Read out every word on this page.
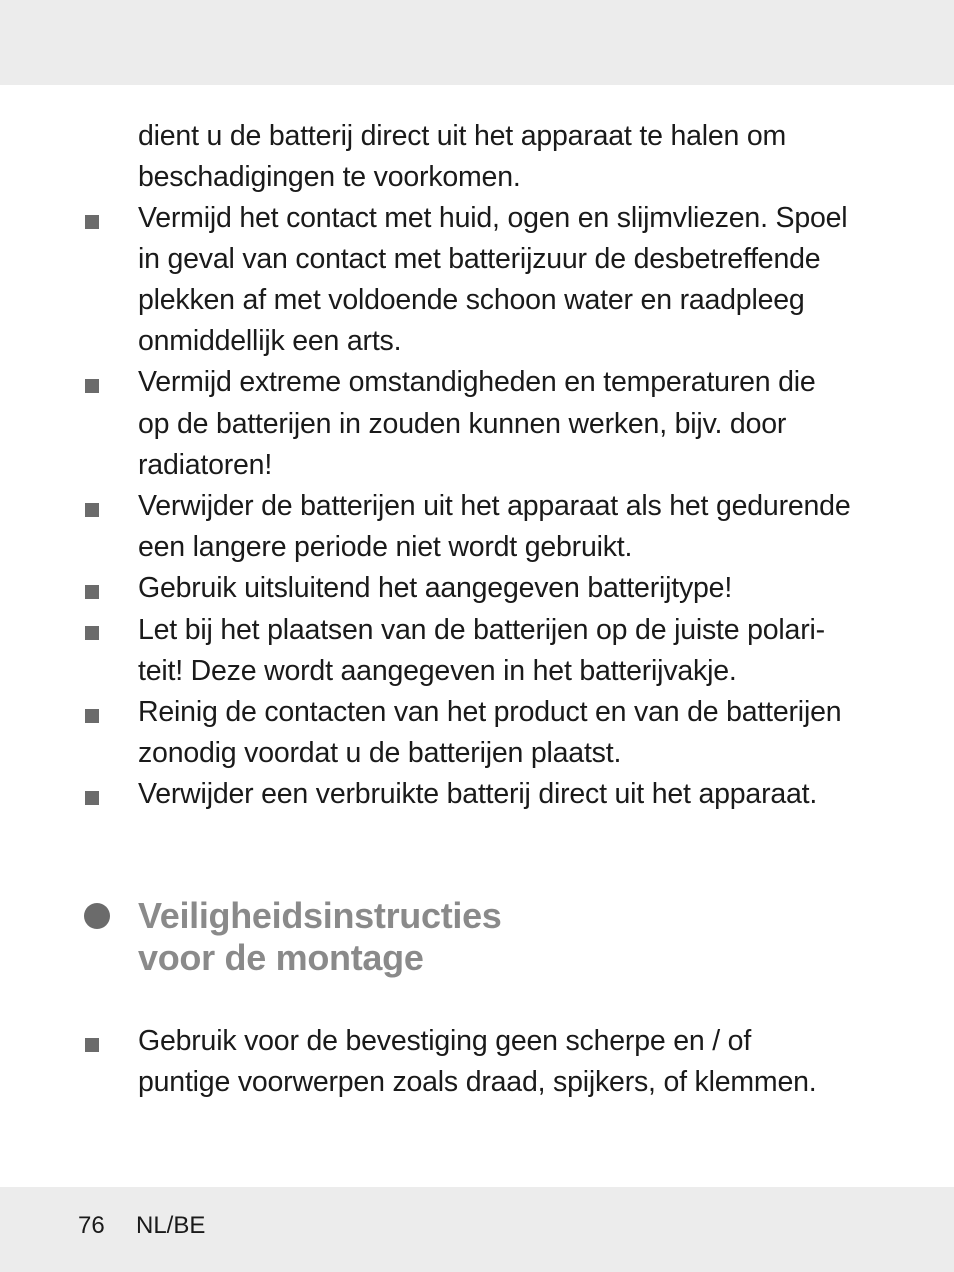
dient u de batterij direct uit het apparaat te halen om
beschadigingen te voorkomen.
Vermijd het contact met huid, ogen en slijmvliezen. Spoel
in geval van contact met batterijzuur de desbetreffende
plekken af met voldoende schoon water en raadpleeg
onmiddellijk een arts.
Vermijd extreme omstandigheden en temperaturen die
op de batterijen in zouden kunnen werken, bijv. door
radiatoren!
Verwijder de batterijen uit het apparaat als het gedurende
een langere periode niet wordt gebruikt.
Gebruik uitsluitend het aangegeven batterijtype!
Let bij het plaatsen van de batterijen op de juiste polari-
teit! Deze wordt aangegeven in het batterijvakje.
Reinig de contacten van het product en van de batterijen
zonodig voordat u de batterijen plaatst.
Verwijder een verbruikte batterij direct uit het apparaat.
Veiligheidsinstructies
voor de montage
Gebruik voor de bevestiging geen scherpe en / of
puntige voorwerpen zoals draad, spijkers, of klemmen.
76 NL/BE
